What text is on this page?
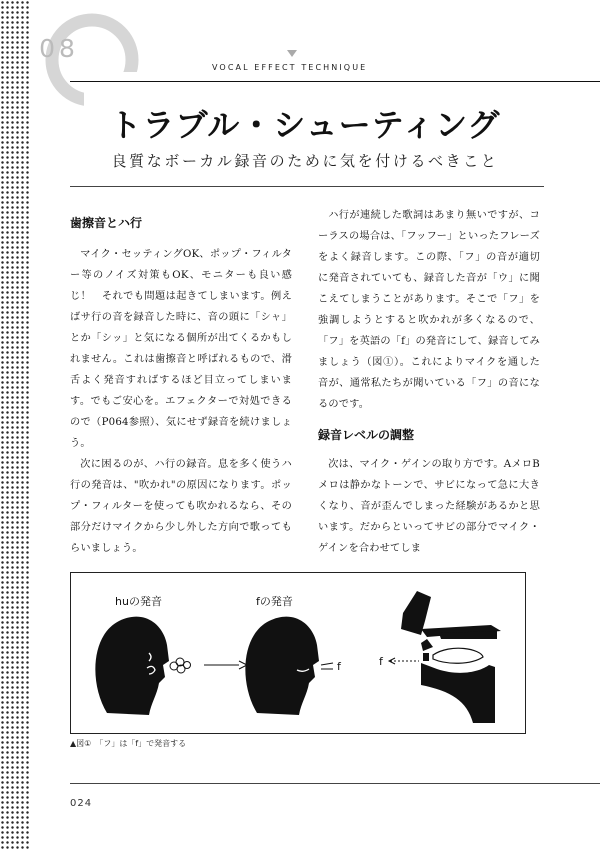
08
VOCAL EFFECT TECHNIQUE
トラブル・シューティング

良質なボーカル録音のために気を付けるべきこと

歯擦音とハ行

マイク・セッティングOK、ポップ・フィルター等のノイズ対策もOK、モニターも良い感じ！　それでも問題は起きてしまいます。例えばサ行の音を録音した時に、音の頭に「シャ」とか「シッ」と気になる個所が出てくるかもしれません。これは歯擦音と呼ばれるもので、滑舌よく発音すればするほど目立ってしまいます。でもご安心を。エフェクターで対処できるので（P064参照）、気にせず録音を続けましょう。

次に困るのが、ハ行の録音。息を多く使うハ行の発音は、"吹かれ"の原因になります。ポップ・フィルターを使っても吹かれるなら、その部分だけマイクから少し外した方向で歌ってもらいましょう。

ハ行が連続した歌詞はあまり無いですが、コーラスの場合は、「フッフー」といったフレーズをよく録音します。この際、「フ」の音が適切に発音されていても、録音した音が「ウ」に聞こえてしまうことがあります。そこで「フ」を強調しようとすると吹かれが多くなるので、「フ」を英語の「f」の発音にして、録音してみましょう（図①）。これによりマイクを通した音が、通常私たちが聞いている「フ」の音になるのです。

録音レベルの調整

次は、マイク・ゲインの取り方です。AメロBメロは静かなトーンで、サビになって急に大きくなり、音が歪んでしまった経験があるかと思います。だからといってサビの部分でマイク・ゲインを合わせてしま

huの発音	fの発音
f	f
▲図①　「フ」は「f」で発音する
024
